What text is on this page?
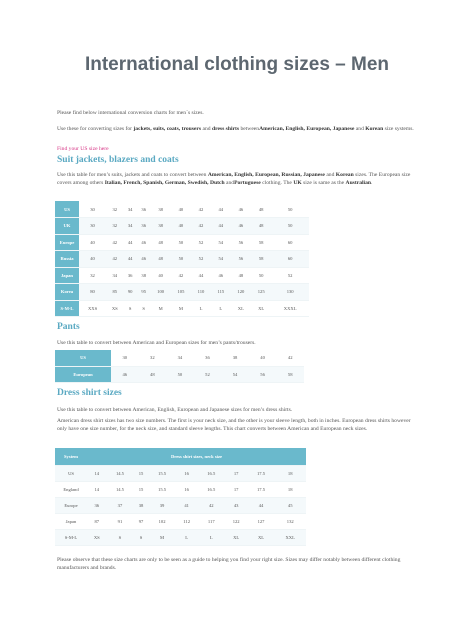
International clothing sizes – Men
Please find below international conversion charts for men´s sizes.
Use these for converting sizes for jackets, suits, coats, trousers and dress shirts betweenAmerican, English, European, Japanese and Korean size systems.
Find your US size here
Suit jackets, blazers and coats
Use this table for men’s suits, jackets and coats to convert between American, English, European, Russian, Japanese and Korean sizes. The European size covers among others Italian, French, Spanish, German, Swedish, Dutch andPortuguese clothing. The UK size is same as the Australian.
US	30	32	34	36	38	40	42	44	46	48	50
UK	30	32	34	36	38	40	42	44	46	48	50
Europe	40	42	44	46	48	50	52	54	56	58	60
Russia	40	42	44	46	48	50	52	54	56	58	60
Japan	32	34	36	38	40	42	44	46	48	50	52
Korea	80	85	90	95	100	105	110	115	120	125	130
S-M-L	XXS	XS	S	S	M	M	L	L	XL	XL	XXXL
Pants
Use this table to convert between American and European sizes for men’s pants/trousers.
US	30	32	34	36	38	40	42
European	46	48	50	52	54	56	58
Dress shirt sizes
Use this table to convert between American, English, European and Japanese sizes for men’s dress shirts.
American dress shirt sizes has two size numbers. The first is your neck size, and the other is your sleeve length, both in inches. European dress shirts however only have one size number, for the neck size, and standard sleeve lengths. This chart converts between American and European neck sizes.
System	Dress shirt sizes, neck size								
US	14	14.5	15	15.5	16	16.5	17	17.5	18
England	14	14.5	15	15.5	16	16.5	17	17.5	18
Europe	36	37	38	39	41	42	43	44	45
Japan	87	91	97	102	112	117	122	127	132
S-M-L	XS	S	S	M	L	L	XL	XL	XXL
Please observe that these size charts are only to be seen as a guide to helping you find your right size. Sizes may differ notably between different clothing manufacturers and brands.
